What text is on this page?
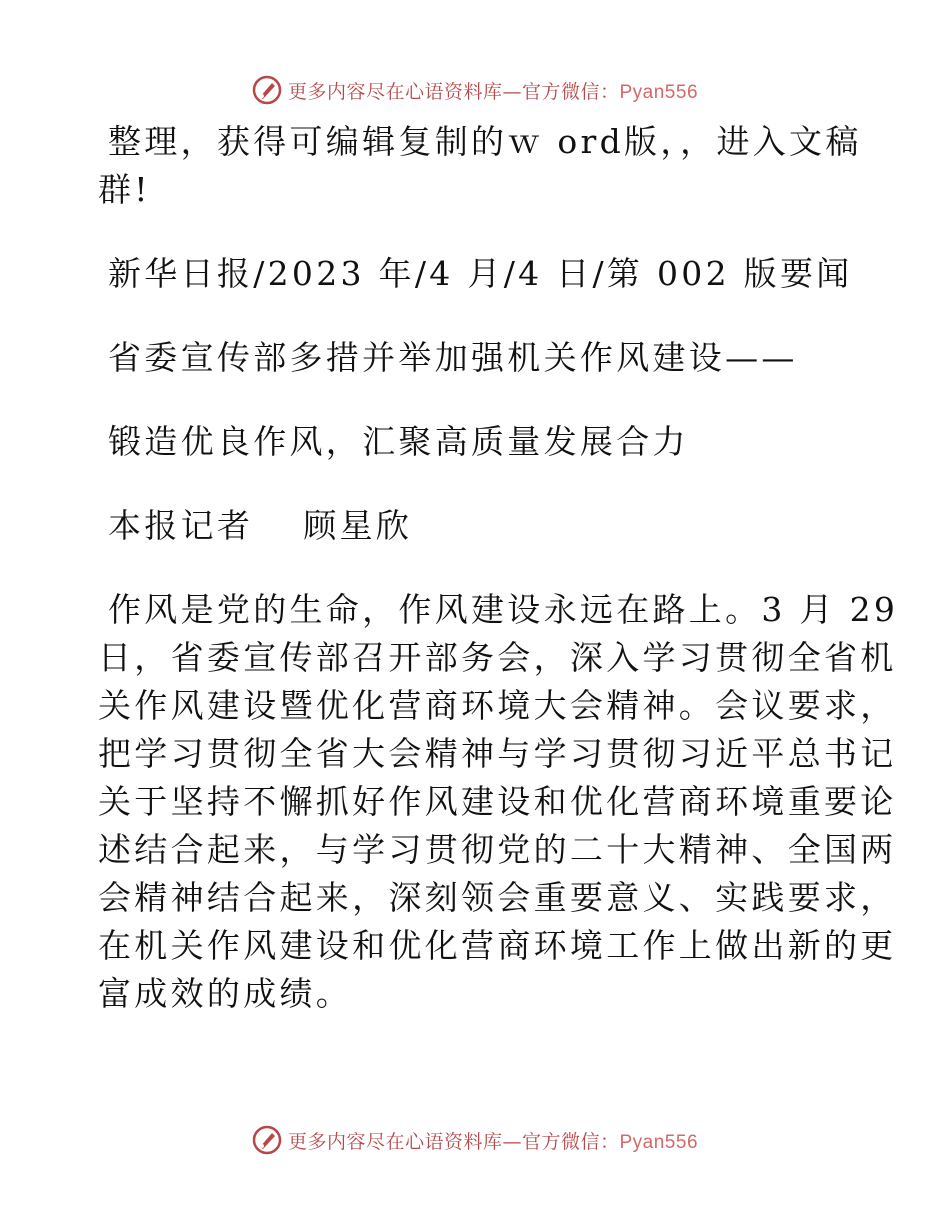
更多内容尽在心语资料库—官方微信：Pyan556

整理，获得可编辑复制的ｗ ord版，，进入文稿

群!

新华日报/2023 年/4 月/4 日/第 002 版要闻

省委宣传部多措并举加强机关作风建设——

锻造优良作风，汇聚高质量发展合力

本报记者　 顾星欣

作风是党的生命，作风建设永远在路上。3 月 29

日，省委宣传部召开部务会，深入学习贯彻全省机

关作风建设暨优化营商环境大会精神。会议要求，

把学习贯彻全省大会精神与学习贯彻习近平总书记

关于坚持不懈抓好作风建设和优化营商环境重要论

述结合起来，与学习贯彻党的二十大精神、全国两

会精神结合起来，深刻领会重要意义、实践要求，

在机关作风建设和优化营商环境工作上做出新的更

富成效的成绩。

更多内容尽在心语资料库—官方微信：Pyan556
